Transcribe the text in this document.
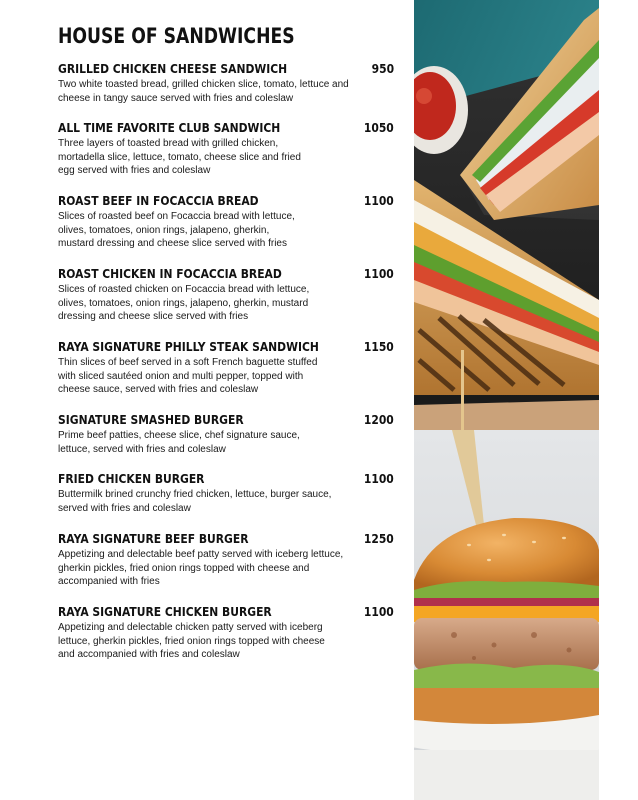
HOUSE OF SANDWICHES
GRILLED CHICKEN CHEESE SANDWICH	950
Two white toasted bread, grilled chicken slice, tomato, lettuce and cheese in tangy sauce served with fries and coleslaw
ALL TIME FAVORITE CLUB SANDWICH	1050
Three layers of toasted bread with grilled chicken, mortadella slice, lettuce, tomato, cheese slice and fried egg served with fries and coleslaw
ROAST BEEF IN FOCACCIA BREAD	1100
Slices of roasted beef on Focaccia bread with lettuce, olives, tomatoes, onion rings, jalapeno, gherkin, mustard dressing and cheese slice served with fries
ROAST CHICKEN IN FOCACCIA BREAD	1100
Slices of roasted chicken on Focaccia bread with lettuce, olives, tomatoes, onion rings, jalapeno, gherkin, mustard dressing and cheese slice served with fries
RAYA SIGNATURE PHILLY STEAK SANDWICH	1150
Thin slices of beef served in a soft French baguette stuffed with sliced sautéed onion and multi pepper, topped with cheese sauce, served with fries and coleslaw
SIGNATURE SMASHED BURGER	1200
Prime beef patties, cheese slice, chef signature sauce, lettuce, served with fries and coleslaw
FRIED CHICKEN BURGER	1100
Buttermilk brined crunchy fried chicken, lettuce, burger sauce, served with fries and coleslaw
RAYA SIGNATURE BEEF BURGER	1250
Appetizing and delectable beef patty served with iceberg lettuce, gherkin pickles, fried onion rings topped with cheese and accompanied with fries
RAYA SIGNATURE CHICKEN BURGER	1100
Appetizing and delectable chicken patty served with iceberg lettuce, gherkin pickles, fried onion rings topped with cheese and accompanied with fries and coleslaw
